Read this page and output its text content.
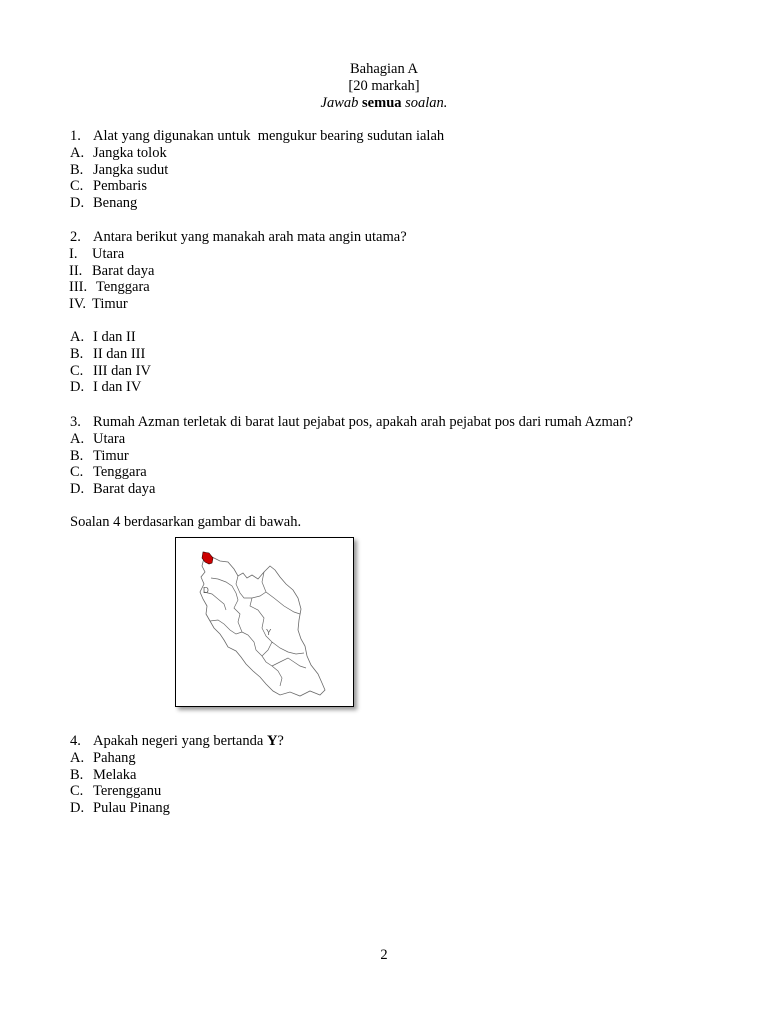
Bahagian A
[20 markah]
Jawab semua soalan.
1. Alat yang digunakan untuk  mengukur bearing sudutan ialah
A. Jangka tolok
B. Jangka sudut
C. Pembaris
D. Benang
2. Antara berikut yang manakah arah mata angin utama?
I. Utara
II. Barat daya
III. Tenggara
IV. Timur
A. I dan II
B. II dan III
C. III dan IV
D. I dan IV
3. Rumah Azman terletak di barat laut pejabat pos, apakah arah pejabat pos dari rumah Azman?
A. Utara
B. Timur
C. Tenggara
D. Barat daya
Soalan 4 berdasarkan gambar di bawah.
D
Y
4. Apakah negeri yang bertanda Y?
A. Pahang
B. Melaka
C. Terengganu
D. Pulau Pinang
2
